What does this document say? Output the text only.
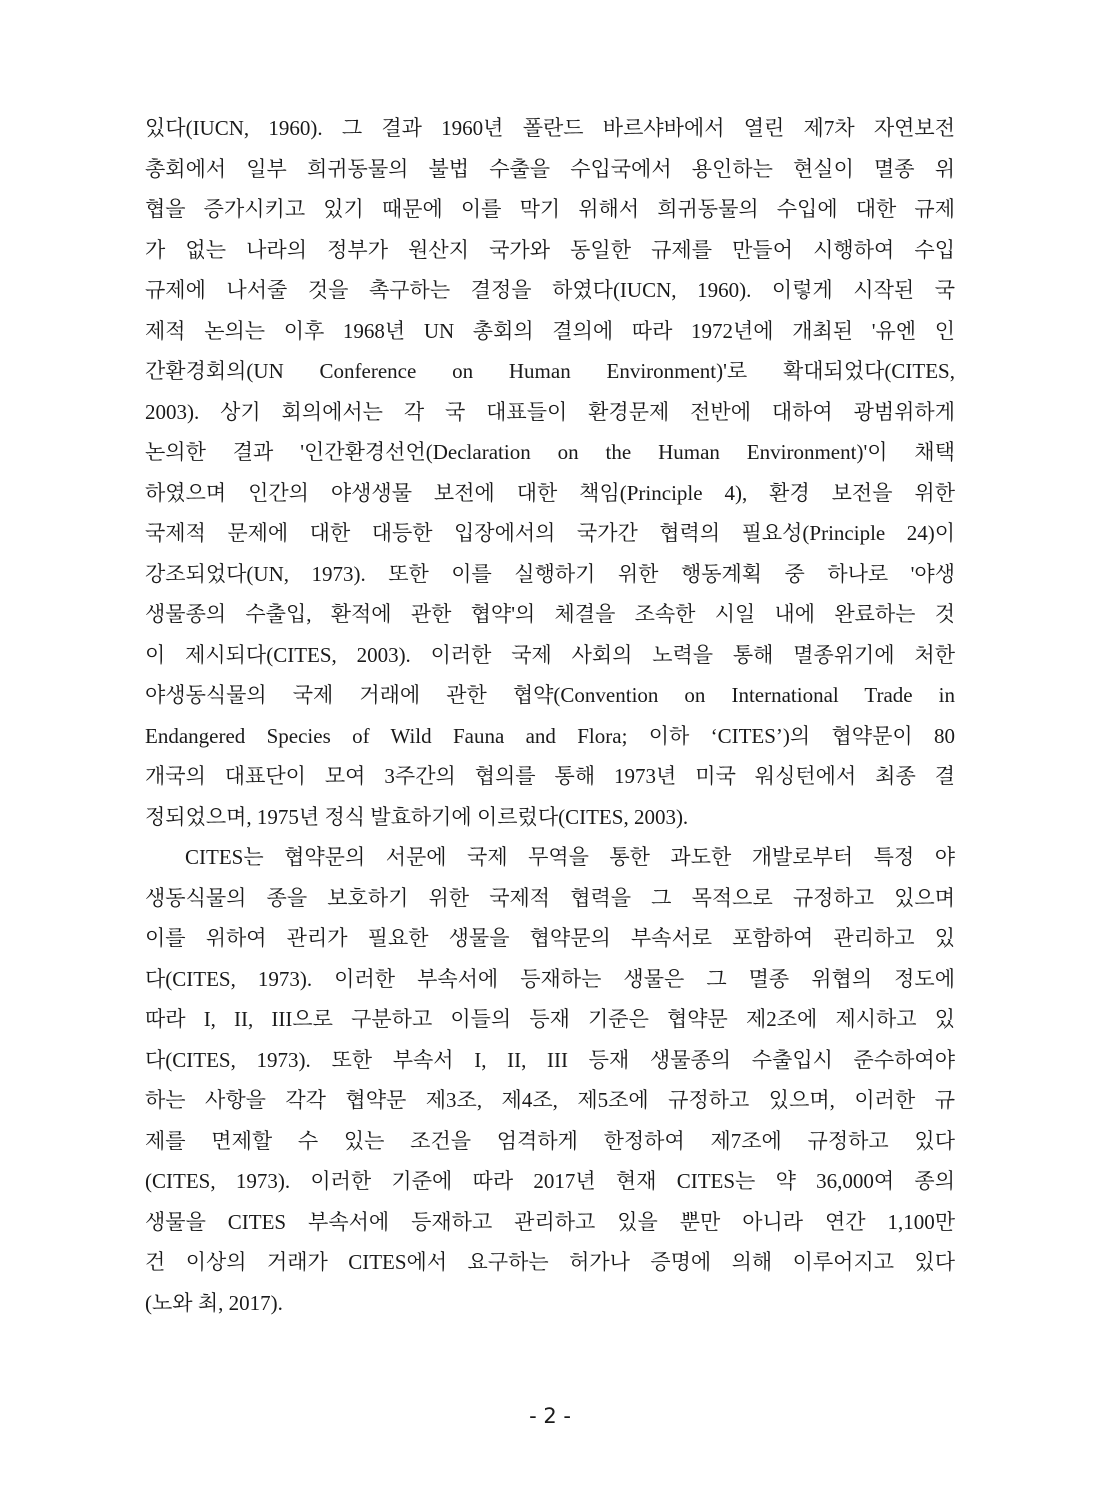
있다(IUCN, 1960). 그 결과 1960년 폴란드 바르샤바에서 열린 제7차 자연보전
총회에서 일부 희귀동물의 불법 수출을 수입국에서 용인하는 현실이 멸종 위
협을 증가시키고 있기 때문에 이를 막기 위해서 희귀동물의 수입에 대한 규제
가 없는 나라의 정부가 원산지 국가와 동일한 규제를 만들어 시행하여 수입
규제에 나서줄 것을 촉구하는 결정을 하였다(IUCN, 1960). 이렇게 시작된 국
제적 논의는 이후 1968년 UN 총회의 결의에 따라 1972년에 개최된 '유엔 인
간환경회의(UN Conference on Human Environment)'로 확대되었다(CITES,
2003). 상기 회의에서는 각 국 대표들이 환경문제 전반에 대하여 광범위하게
논의한 결과 '인간환경선언(Declaration on the Human Environment)'이 채택
하였으며 인간의 야생생물 보전에 대한 책임(Principle 4), 환경 보전을 위한
국제적 문제에 대한 대등한 입장에서의 국가간 협력의 필요성(Principle 24)이
강조되었다(UN, 1973). 또한 이를 실행하기 위한 행동계획 중 하나로 '야생
생물종의 수출입, 환적에 관한 협약'의 체결을 조속한 시일 내에 완료하는 것
이 제시되다(CITES, 2003). 이러한 국제 사회의 노력을 통해 멸종위기에 처한
야생동식물의 국제 거래에 관한 협약(Convention on International Trade in
Endangered Species of Wild Fauna and Flora; 이하 ‘CITES’)의 협약문이 80
개국의 대표단이 모여 3주간의 협의를 통해 1973년 미국 워싱턴에서 최종 결
정되었으며, 1975년 정식 발효하기에 이르렀다(CITES, 2003).
CITES는 협약문의 서문에 국제 무역을 통한 과도한 개발로부터 특정 야
생동식물의 종을 보호하기 위한 국제적 협력을 그 목적으로 규정하고 있으며
이를 위하여 관리가 필요한 생물을 협약문의 부속서로 포함하여 관리하고 있
다(CITES, 1973). 이러한 부속서에 등재하는 생물은 그 멸종 위협의 정도에
따라 I, II, III으로 구분하고 이들의 등재 기준은 협약문 제2조에 제시하고 있
다(CITES, 1973). 또한 부속서 I, II, III 등재 생물종의 수출입시 준수하여야
하는 사항을 각각 협약문 제3조, 제4조, 제5조에 규정하고 있으며, 이러한 규
제를 면제할 수 있는 조건을 엄격하게 한정하여 제7조에 규정하고 있다
(CITES, 1973). 이러한 기준에 따라 2017년 현재 CITES는 약 36,000여 종의
생물을 CITES 부속서에 등재하고 관리하고 있을 뿐만 아니라 연간 1,100만
건 이상의 거래가 CITES에서 요구하는 허가나 증명에 의해 이루어지고 있다
(노와 최, 2017).
- 2 -
